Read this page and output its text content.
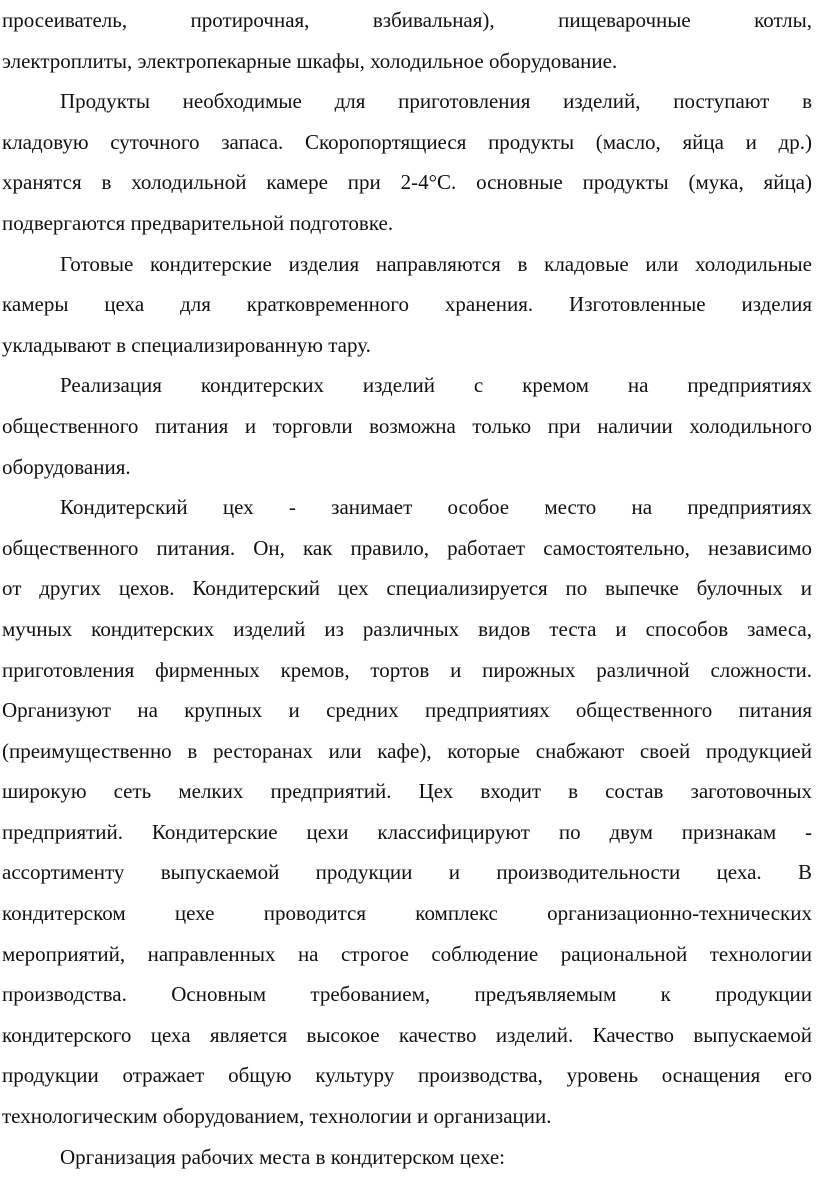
просеиватель, протирочная, взбивальная), пищеварочные котлы,
электроплиты, электропекарные шкафы, холодильное оборудование.
Продукты необходимые для приготовления изделий, поступают в
кладовую суточного запаса. Скоропортящиеся продукты (масло, яйца и др.)
хранятся в холодильной камере при 2-4°С. основные продукты (мука, яйца)
подвергаются предварительной подготовке.
Готовые кондитерские изделия направляются в кладовые или холодильные
камеры цеха для кратковременного хранения. Изготовленные изделия
укладывают в специализированную тару.
Реализация кондитерских изделий с кремом на предприятиях
общественного питания и торговли возможна только при наличии холодильного
оборудования.
Кондитерский цех - занимает особое место на предприятиях
общественного питания. Он, как правило, работает самостоятельно, независимо
от других цехов. Кондитерский цех специализируется по выпечке булочных и
мучных кондитерских изделий из различных видов теста и способов замеса,
приготовления фирменных кремов, тортов и пирожных различной сложности.
Организуют на крупных и средних предприятиях общественного питания
(преимущественно в ресторанах или кафе), которые снабжают своей продукцией
широкую сеть мелких предприятий. Цех входит в состав заготовочных
предприятий. Кондитерские цехи классифицируют по двум признакам -
ассортименту выпускаемой продукции и производительности цеха. В
кондитерском цехе проводится комплекс организационно-технических
мероприятий, направленных на строгое соблюдение рациональной технологии
производства. Основным требованием, предъявляемым к продукции
кондитерского цеха является высокое качество изделий. Качество выпускаемой
продукции отражает общую культуру производства, уровень оснащения его
технологическим оборудованием, технологии и организации.
Организация рабочих места в кондитерском цехе:
